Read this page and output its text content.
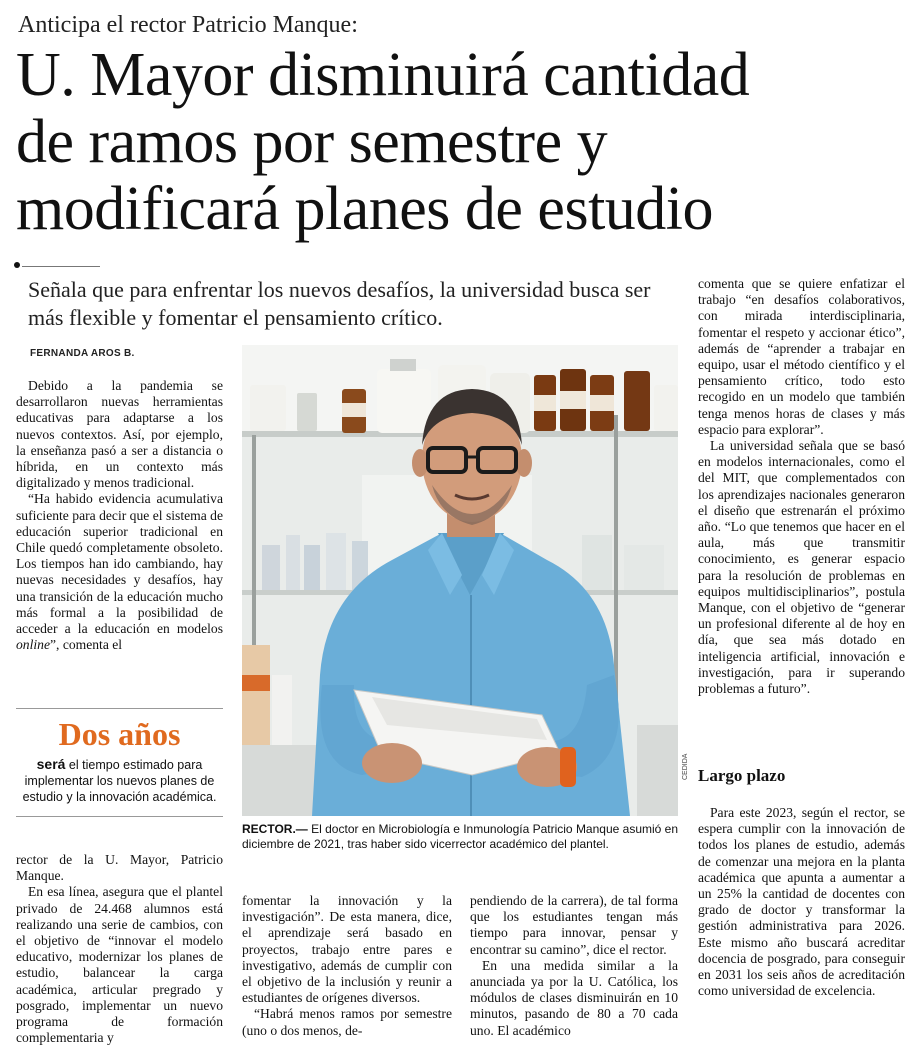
Anticipa el rector Patricio Manque:
U. Mayor disminuirá cantidad
de ramos por semestre y
modificará planes de estudio
Señala que para enfrentar los nuevos desafíos, la universidad busca ser más flexible y fomentar el pensamiento crítico.
FERNANDA AROS B.

Debido a la pandemia se desarrollaron nuevas herramientas educativas para adaptarse a los nuevos contextos. Así, por ejemplo, la enseñanza pasó a ser a distancia o híbrida, en un contexto más digitalizado y menos tradicional.

“Ha habido evidencia acumulativa suficiente para decir que el sistema de educación superior tradicional en Chile quedó completamente obsoleto. Los tiempos han ido cambiando, hay nuevas necesidades y desafíos, hay una transición de la educación mucho más formal a la posibilidad de acceder a la educación en modelos online”, comenta el

Dos años
será el tiempo estimado para implementar los nuevos planes de estudio y la innovación académica.
CEDIDA
RECTOR.— El doctor en Microbiología e Inmunología Patricio Manque asumió en diciembre de 2021, tras haber sido vicerrector académico del plantel.

rector de la U. Mayor, Patricio Manque.

En esa línea, asegura que el plantel privado de 24.468 alumnos está realizando una serie de cambios, con el objetivo de “innovar el modelo educativo, modernizar los planes de estudio, balancear la carga académica, articular pregrado y posgrado, implementar un nuevo programa de formación complementaria y

fomentar la innovación y la investigación”. De esta manera, dice, el aprendizaje será basado en proyectos, trabajo entre pares e investigativo, además de cumplir con el objetivo de la inclusión y reunir a estudiantes de orígenes diversos.

“Habrá menos ramos por semestre (uno o dos menos, de-

pendiendo de la carrera), de tal forma que los estudiantes tengan más tiempo para innovar, pensar y encontrar su camino”, dice el rector.

En una medida similar a la anunciada ya por la U. Católica, los módulos de clases disminuirán en 10 minutos, pasando de 80 a 70 cada uno. El académico

comenta que se quiere enfatizar el trabajo “en desafíos colaborativos, con mirada interdisciplinaria, fomentar el respeto y accionar ético”, además de “aprender a trabajar en equipo, usar el método científico y el pensamiento crítico, todo esto recogido en un modelo que también tenga menos horas de clases y más espacio para explorar”.

La universidad señala que se basó en modelos internacionales, como el del MIT, que complementados con los aprendizajes nacionales generaron el diseño que estrenarán el próximo año. “Lo que tenemos que hacer en el aula, más que transmitir conocimiento, es generar espacio para la resolución de problemas en equipos multidisciplinarios”, postula Manque, con el objetivo de “generar un profesional diferente al de hoy en día, que sea más dotado en inteligencia artificial, innovación e investigación, para ir superando problemas a futuro”.

Largo plazo

Para este 2023, según el rector, se espera cumplir con la innovación de todos los planes de estudio, además de comenzar una mejora en la planta académica que apunta a aumentar a un 25% la cantidad de docentes con grado de doctor y transformar la gestión administrativa para 2026. Este mismo año buscará acreditar docencia de posgrado, para conseguir en 2031 los seis años de acreditación como universidad de excelencia.
